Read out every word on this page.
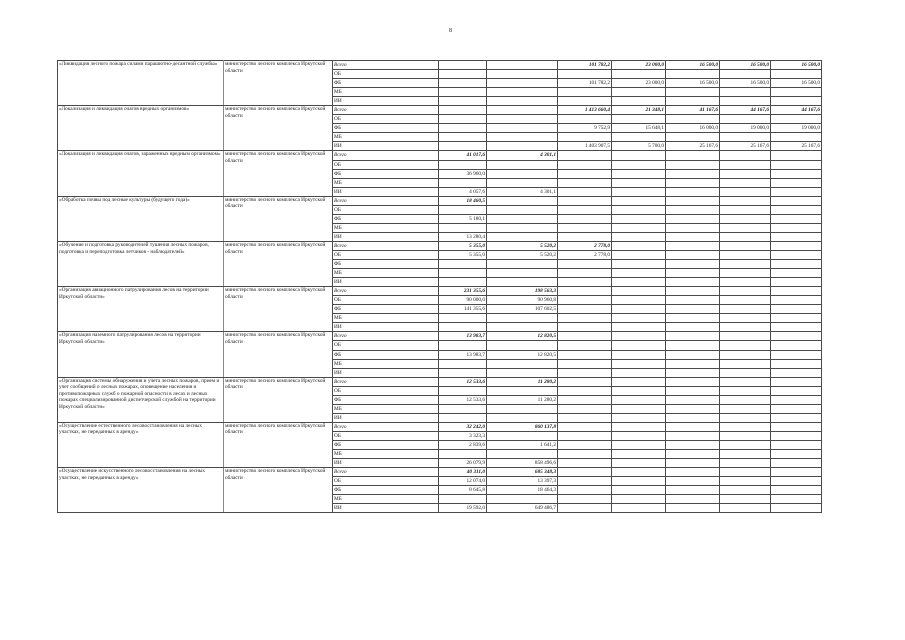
8
«Ликвидация лесного пожара силами парашютно-десантной службы»	министерство лесного комплекса Иркутской области	Всего			101 782,2	23 000,0	16 500,0	16 500,0	16 500,0
		ОБ							
		ФБ			101 782,2	23 000,0	16 500,0	16 500,0	16 500,0
		МБ							
		ИИ							
«Локализация и ликвидация очагов вредных организмов»	министерство лесного комплекса Иркутской области	Всего			1 413 660,4	21 348,1	41 167,6	44 167,6	44 167,6
		ОБ							
		ФБ			9 752,9	15 648,1	16 000,0	19 000,0	19 000,0
		МБ							
		ИИ			1 403 907,5	5 700,0	25 167,6	25 167,6	25 167,6
«Локализация и ликвидация очагов, зараженных вредным организмом»	министерство лесного комплекса Иркутской области	Всего	41 017,6	4 301,1					
		ОБ							
		ФБ	36 960,0						
		МБ							
		ИИ	4 057,6	4 301,1					
«Обработка почвы под лесные культуры (будущего года)»	министерство лесного комплекса Иркутской области	Всего	18 460,5						
		ОБ							
		ФБ	5 180,1						
		МБ							
		ИИ	13 280,4						
«Обучение и подготовка руководителей тушения лесных пожаров, подготовка и переподготовка летчиков - наблюдателей»	министерство лесного комплекса Иркутской области	Всего	5 355,0	5 520,2	2 778,0				
		ОБ	5 355,0	5 520,2	2 778,0				
		ФБ							
		МБ							
		ИИ							
«Организация авиационного патрулирования лесов на территории Иркутской области»	министерство лесного комплекса Иркутской области	Всего	231 355,6	198 563,3					
		ОБ	90 000,0	90 960,8					
		ФБ	141 355,6	107 602,5					
		МБ							
		ИИ							
«Организация наземного патрулирования лесов на территории Иркутской области»	министерство лесного комплекса Иркутской области	Всего	13 983,7	12 820,5					
		ОБ							
		ФБ	13 983,7	12 820,5					
		МБ							
		ИИ							
«Организация системы обнаружения и учета лесных пожаров, прием и учет сообщений о лесных пожарах, оповещение населения и противопожарных служб о пожарной опасности в лесах и лесных пожарах специализированной диспетчерской службой на территории Иркутской области»	министерство лесного комплекса Иркутской области	Всего	12 533,6	11 280,2					
		ОБ							
		ФБ	12 533,6	11 280,2					
		МБ							
		ИИ							
«Осуществление естественного лесовосстановления на лесных участках, не переданных в аренду»	министерство лесного комплекса Иркутской области	Всего	32 242,0	860 137,8					
		ОБ	3 323,3						
		ФБ	2 839,6	1 641,2					
		МБ							
		ИИ	26 079,9	858 496,6					
«Осуществление искусственного лесовосстановления на лесных участках, не переданных в аренду»	министерство лесного комплекса Иркутской области	Всего	40 311,0	685 348,3					
		ОБ	12 074,0	13 397,3					
		ФБ	8 645,8	18 464,3					
		МБ							
		ИИ	19 592,0	649 486,7					
